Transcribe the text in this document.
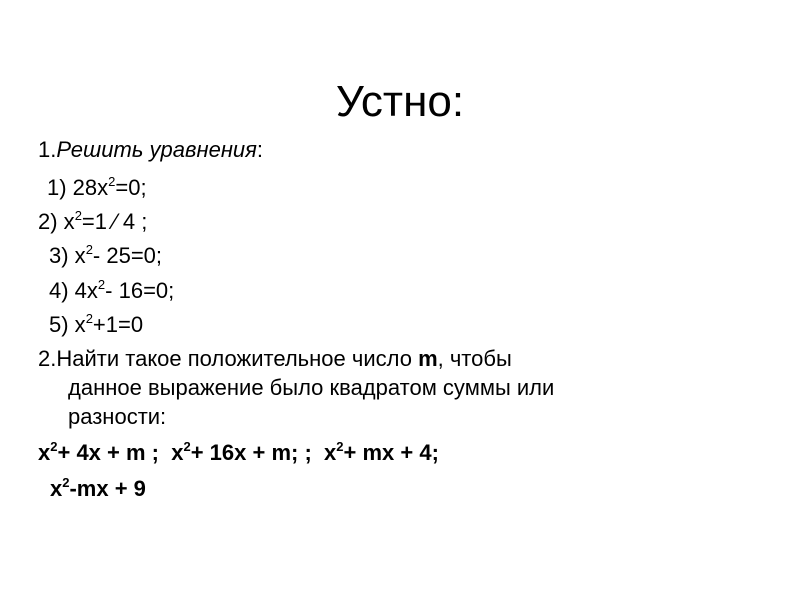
Устно:
1.Решить уравнения:
1) $28x^2=0$;
2) $x^2=1$ ⁄ 4 ;
3) $x^2-$ 25=0;
4) $4x^2-$ 16=0;
5) $x^2+1=0$
2.Найти такое положительное число m, чтобы
данное выражение было квадратом суммы или
разности:
$x^2+ 4x + m$ ; $x^2+ 16x + m$; ; $x^2+$ mx + 4;
$x^2-mx + 9$
